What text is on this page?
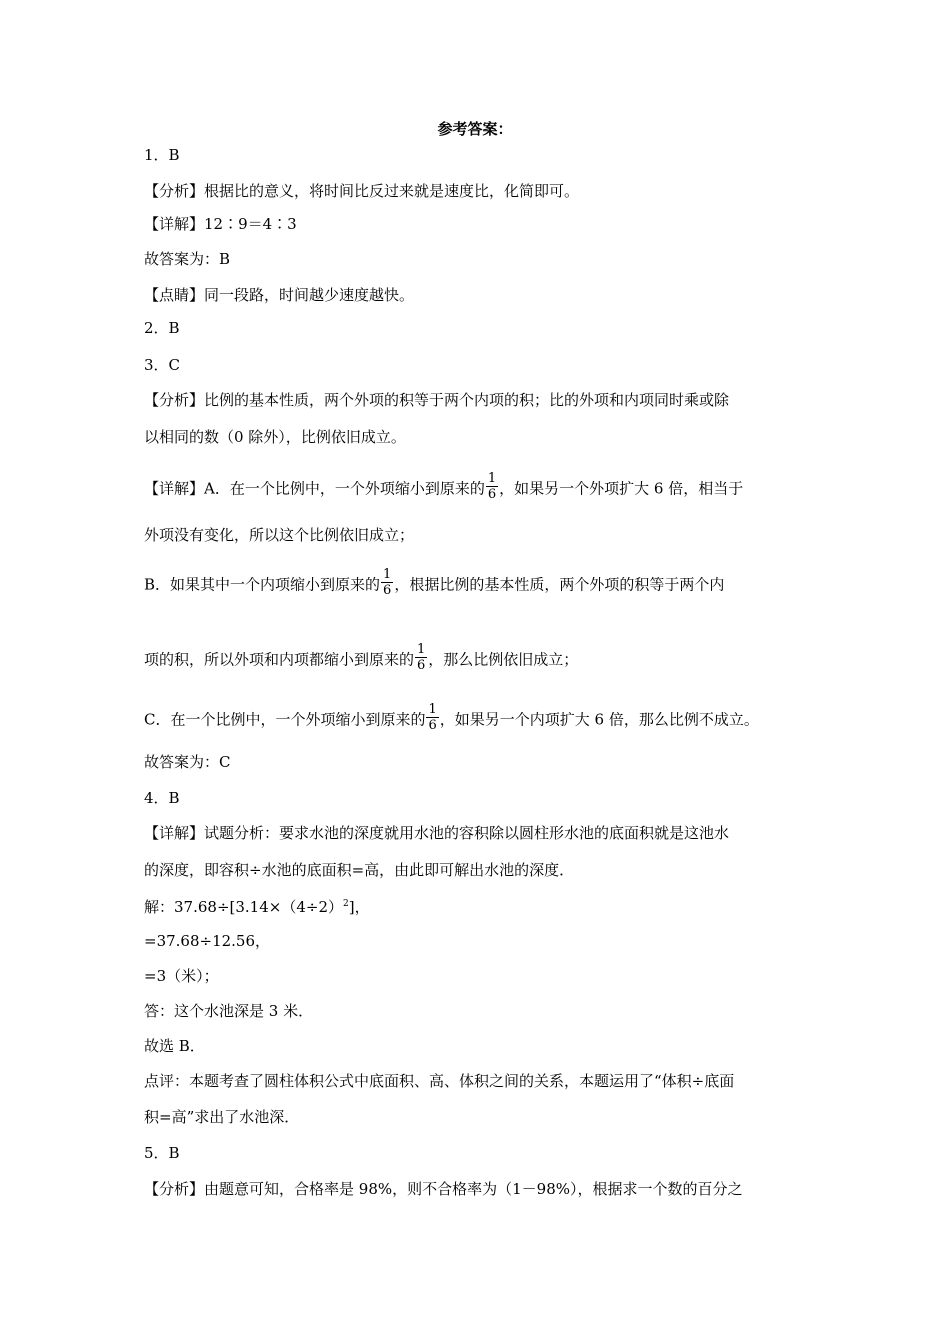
参考答案：
1．B
【分析】根据比的意义，将时间比反过来就是速度比，化简即可。
【详解】12∶9＝4∶3
故答案为：B
【点睛】同一段路，时间越少速度越快。
2．B
3．C
【分析】比例的基本性质，两个外项的积等于两个内项的积；比的外项和内项同时乘或除
以相同的数（0 除外），比例依旧成立。
【详解】A．在一个比例中，一个外项缩小到原来的 $\frac{1}{6}$ ，如果另一个外项扩大 6 倍，相当于
外项没有变化，所以这个比例依旧成立；
B．如果其中一个内项缩小到原来的 $\frac{1}{6}$ ，根据比例的基本性质，两个外项的积等于两个内
项的积，所以外项和内项都缩小到原来的 $\frac{1}{6}$ ，那么比例依旧成立；
C．在一个比例中，一个外项缩小到原来的 $\frac{1}{6}$ ，如果另一个内项扩大 6 倍，那么比例不成立。
故答案为：C
4．B
【详解】试题分析：要求水池的深度就用水池的容积除以圆柱形水池的底面积就是这池水
的深度，即容积÷水池的底面积=高，由此即可解出水池的深度．
解：$37.68\div[3.14\times(4\div 2)^2]$，
=37.68÷12.56，
=3（米）；
答：这个水池深是 3 米．
故选 B．
点评：本题考查了圆柱体积公式中底面积、高、体积之间的关系，本题运用了“体积÷底面
积=高”求出了水池深．
5．B
【分析】由题意可知，合格率是 98%，则不合格率为（1－98%），根据求一个数的百分之
